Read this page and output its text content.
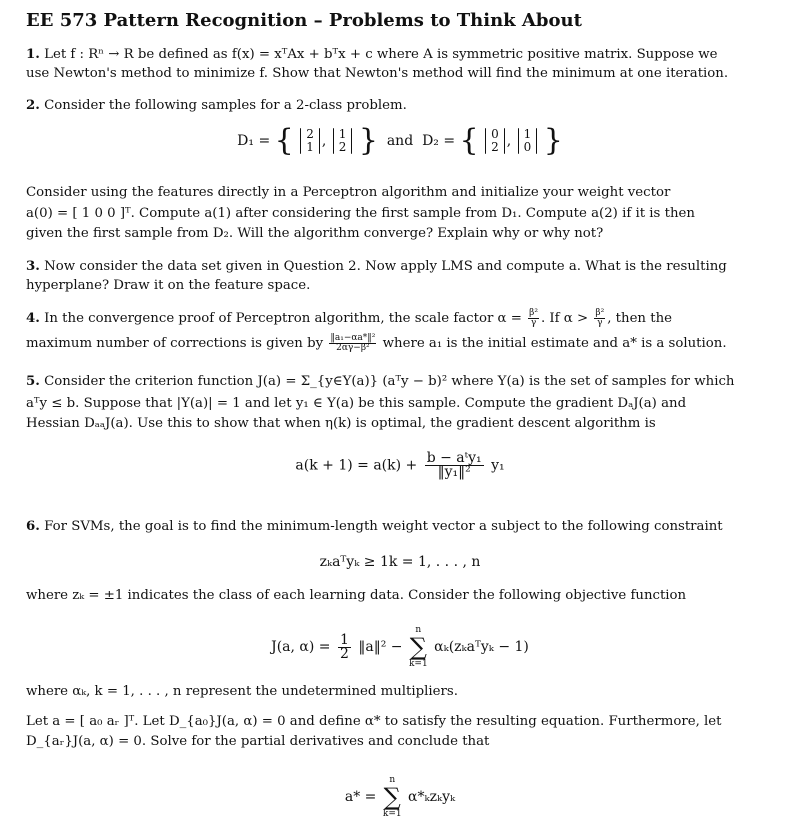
EE 573 Pattern Recognition – Problems to Think About
1. Let f : Rⁿ → R be defined as f(x) = xᵀAx + bᵀx + c where A is symmetric positive matrix. Suppose we
use Newton's method to minimize f. Show that Newton's method will find the minimum at one iteration.
2. Consider the following samples for a 2-class problem.
D₁ = { 2
1 , 1
2 } and D₂ = { 0
2 , 1
0 }
Consider using the features directly in a Perceptron algorithm and initialize your weight vector
a(0) = [ 1 0 0 ]ᵀ. Compute a(1) after considering the first sample from D₁. Compute a(2) if it is then
given the first sample from D₂. Will the algorithm converge? Explain why or why not?
3. Now consider the data set given in Question 2. Now apply LMS and compute a. What is the resulting
hyperplane? Draw it on the feature space.
4. In the convergence proof of Perceptron algorithm, the scale factor $\alpha = \frac{\text{β²}}{\gamma}$ . If $\alpha > \frac{\text{β²}}{\gamma}$ , then the
maximum number of corrections is given by $\frac{\text{‖a₁−αa*‖²}}{\text{2αγ−β²}}$ where a₁ is the initial estimate and a* is a solution.
5. Consider the criterion function J(a) = Σ_{y∈Y(a)} (aᵀy − b)² where Y(a) is the set of samples for which
aᵀy ≤ b. Suppose that |Y(a)| = 1 and let y₁ ∈ Y(a) be this sample. Compute the gradient DₐJ(a) and
Hessian DₐₐJ(a). Use this to show that when η(k) is optimal, the gradient descent algorithm is
$a(k + 1) = a(k) + \frac{\text{b − aᵗy₁}}{\text{‖y₁‖²}} y_1$
6. For SVMs, the goal is to find the minimum-length weight vector a subject to the following constraint
zₖaᵀyₖ ≥ 1k = 1, . . . , n
where zₖ = ±1 indicates the class of each learning data. Consider the following objective function
J(a, $\alpha) = \frac{1}{2}$ ‖a‖² −
n
∑
k=1
αₖ(zₖaᵀyₖ − 1)
where αₖ, k = 1, . . . , n represent the undetermined multipliers.
Let a = [ a₀ aᵣ ]ᵀ. Let D_{a₀}J(a, α) = 0 and define α* to satisfy the resulting equation. Furthermore, let
D_{aᵣ}J(a, α) = 0. Solve for the partial derivatives and conclude that
a* =
n
∑
k=1
α*ₖzₖyₖ
